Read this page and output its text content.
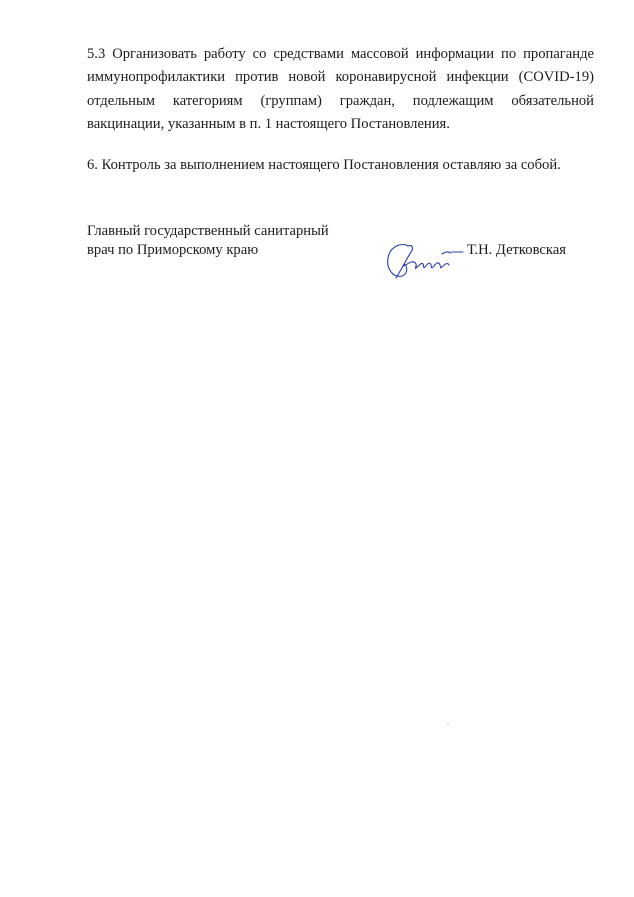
5.3 Организовать работу со средствами массовой информации по пропаганде
иммунопрофилактики против новой коронавирусной инфекции (COVID-19)
отдельным категориям (группам) граждан, подлежащим обязательной
вакцинации, указанным в п. 1 настоящего Постановления.

6. Контроль за выполнением настоящего Постановления оставляю за собой.

Главный государственный санитарный
врач по Приморскому краю	Т.Н. Детковская
